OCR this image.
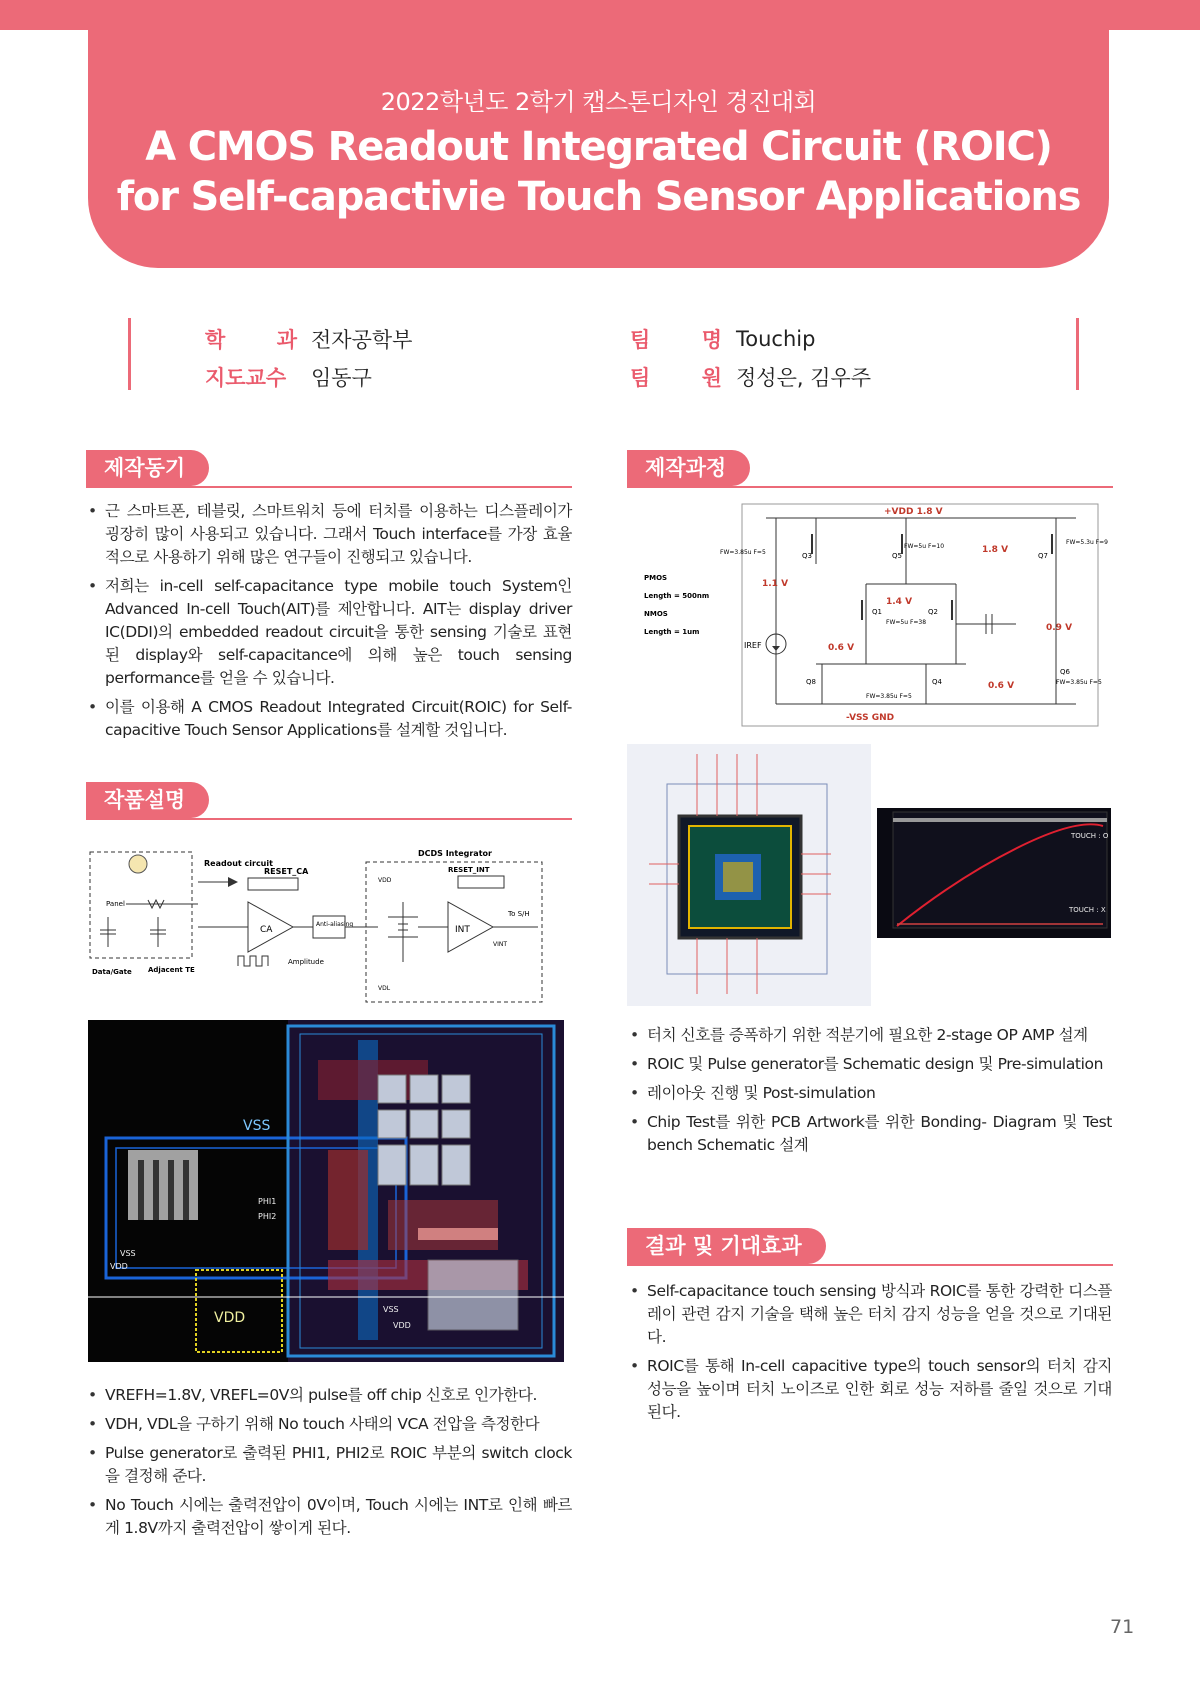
2022학년도 2학기 캡스톤디자인 경진대회
A CMOS Readout Integrated Circuit (ROIC)
for Self-capactivie Touch Sensor Applications
학 과 전자공학부
지도교수	임동구
팀 명 Touchip
팀 원 정성은, 김우주
제작동기
• 근 스마트폰, 테블릿, 스마트워치 등에 터치를 이용하는 디스플레이가 굉장히 많이 사용되고 있습니다. 그래서 Touch interface를 가장 효율적으로 사용하기 위해 많은 연구들이 진행되고 있습니다.
• 저희는 in-cell self-capacitance type mobile touch System인 Advanced In-cell Touch(AIT)를 제안합니다. AIT는 display driver IC(DDI)의 embedded readout circuit을 통한 sensing 기술로 표현된 display와 self-capacitance에 의해 높은 touch sensing performance를 얻을 수 있습니다.
• 이를 이용해 A CMOS Readout Integrated Circuit(ROIC) for Self-capacitive Touch Sensor Applications를 설계할 것입니다.
작품설명
Panel
Data/Gate Adjacent TE
Readout circuit
RESET_CA
CA
Anti-aliasing
Amplitude
DCDS Integrator
RESET_INT
VDD
VDL
INT
To S/H
VINT
VSS
PHI1
PHI2
VSS
VDD
VDD
VSS
VDD
• VREFH=1.8V, VREFL=0V의 pulse를 off chip 신호로 인가한다.
• VDH, VDL을 구하기 위해 No touch 사태의 VCA 전압을 측정한다
• Pulse generator로 출력된 PHI1, PHI2로 ROIC 부분의 switch clock을 결정해 준다.
• No Touch 시에는 출력전압이 0V이며, Touch 시에는 INT로 인해 빠르게 1.8V까지 출력전압이 쌓이게 된다.
제작과정
+VDD 1.8 V
-VSS GND
IREF
PMOS
Length = 500nm
NMOS
Length = 1um
FW=3.85u F=5
FW=5u F=10
FW=5.3u F=9
FW=5u F=38
FW=3.85u F=5
FW=3.85u F=5
1.1 V
1.8 V
1.4 V
0.9 V
0.6 V
0.6 V
Q3	Q5	Q7
Q1	Q2
Q8	Q4
Q6
TOUCH : O
TOUCH : X
• 터치 신호를 증폭하기 위한 적분기에 필요한 2-stage OP AMP 설계
• ROIC 및 Pulse generator를 Schematic design 및 Pre-simulation
• 레이아웃 진행 및 Post-simulation
• Chip Test를 위한 PCB Artwork를 위한 Bonding- Diagram 및 Test bench Schematic 설계
결과 및 기대효과
• Self-capacitance touch sensing 방식과 ROIC를 통한 강력한 디스플레이 관련 감지 기술을 택해 높은 터치 감지 성능을 얻을 것으로 기대된다.
• ROIC를 통해 In-cell capacitive type의 touch sensor의 터치 감지 성능을 높이며 터치 노이즈로 인한 회로 성능 저하를 줄일 것으로 기대된다.
71
